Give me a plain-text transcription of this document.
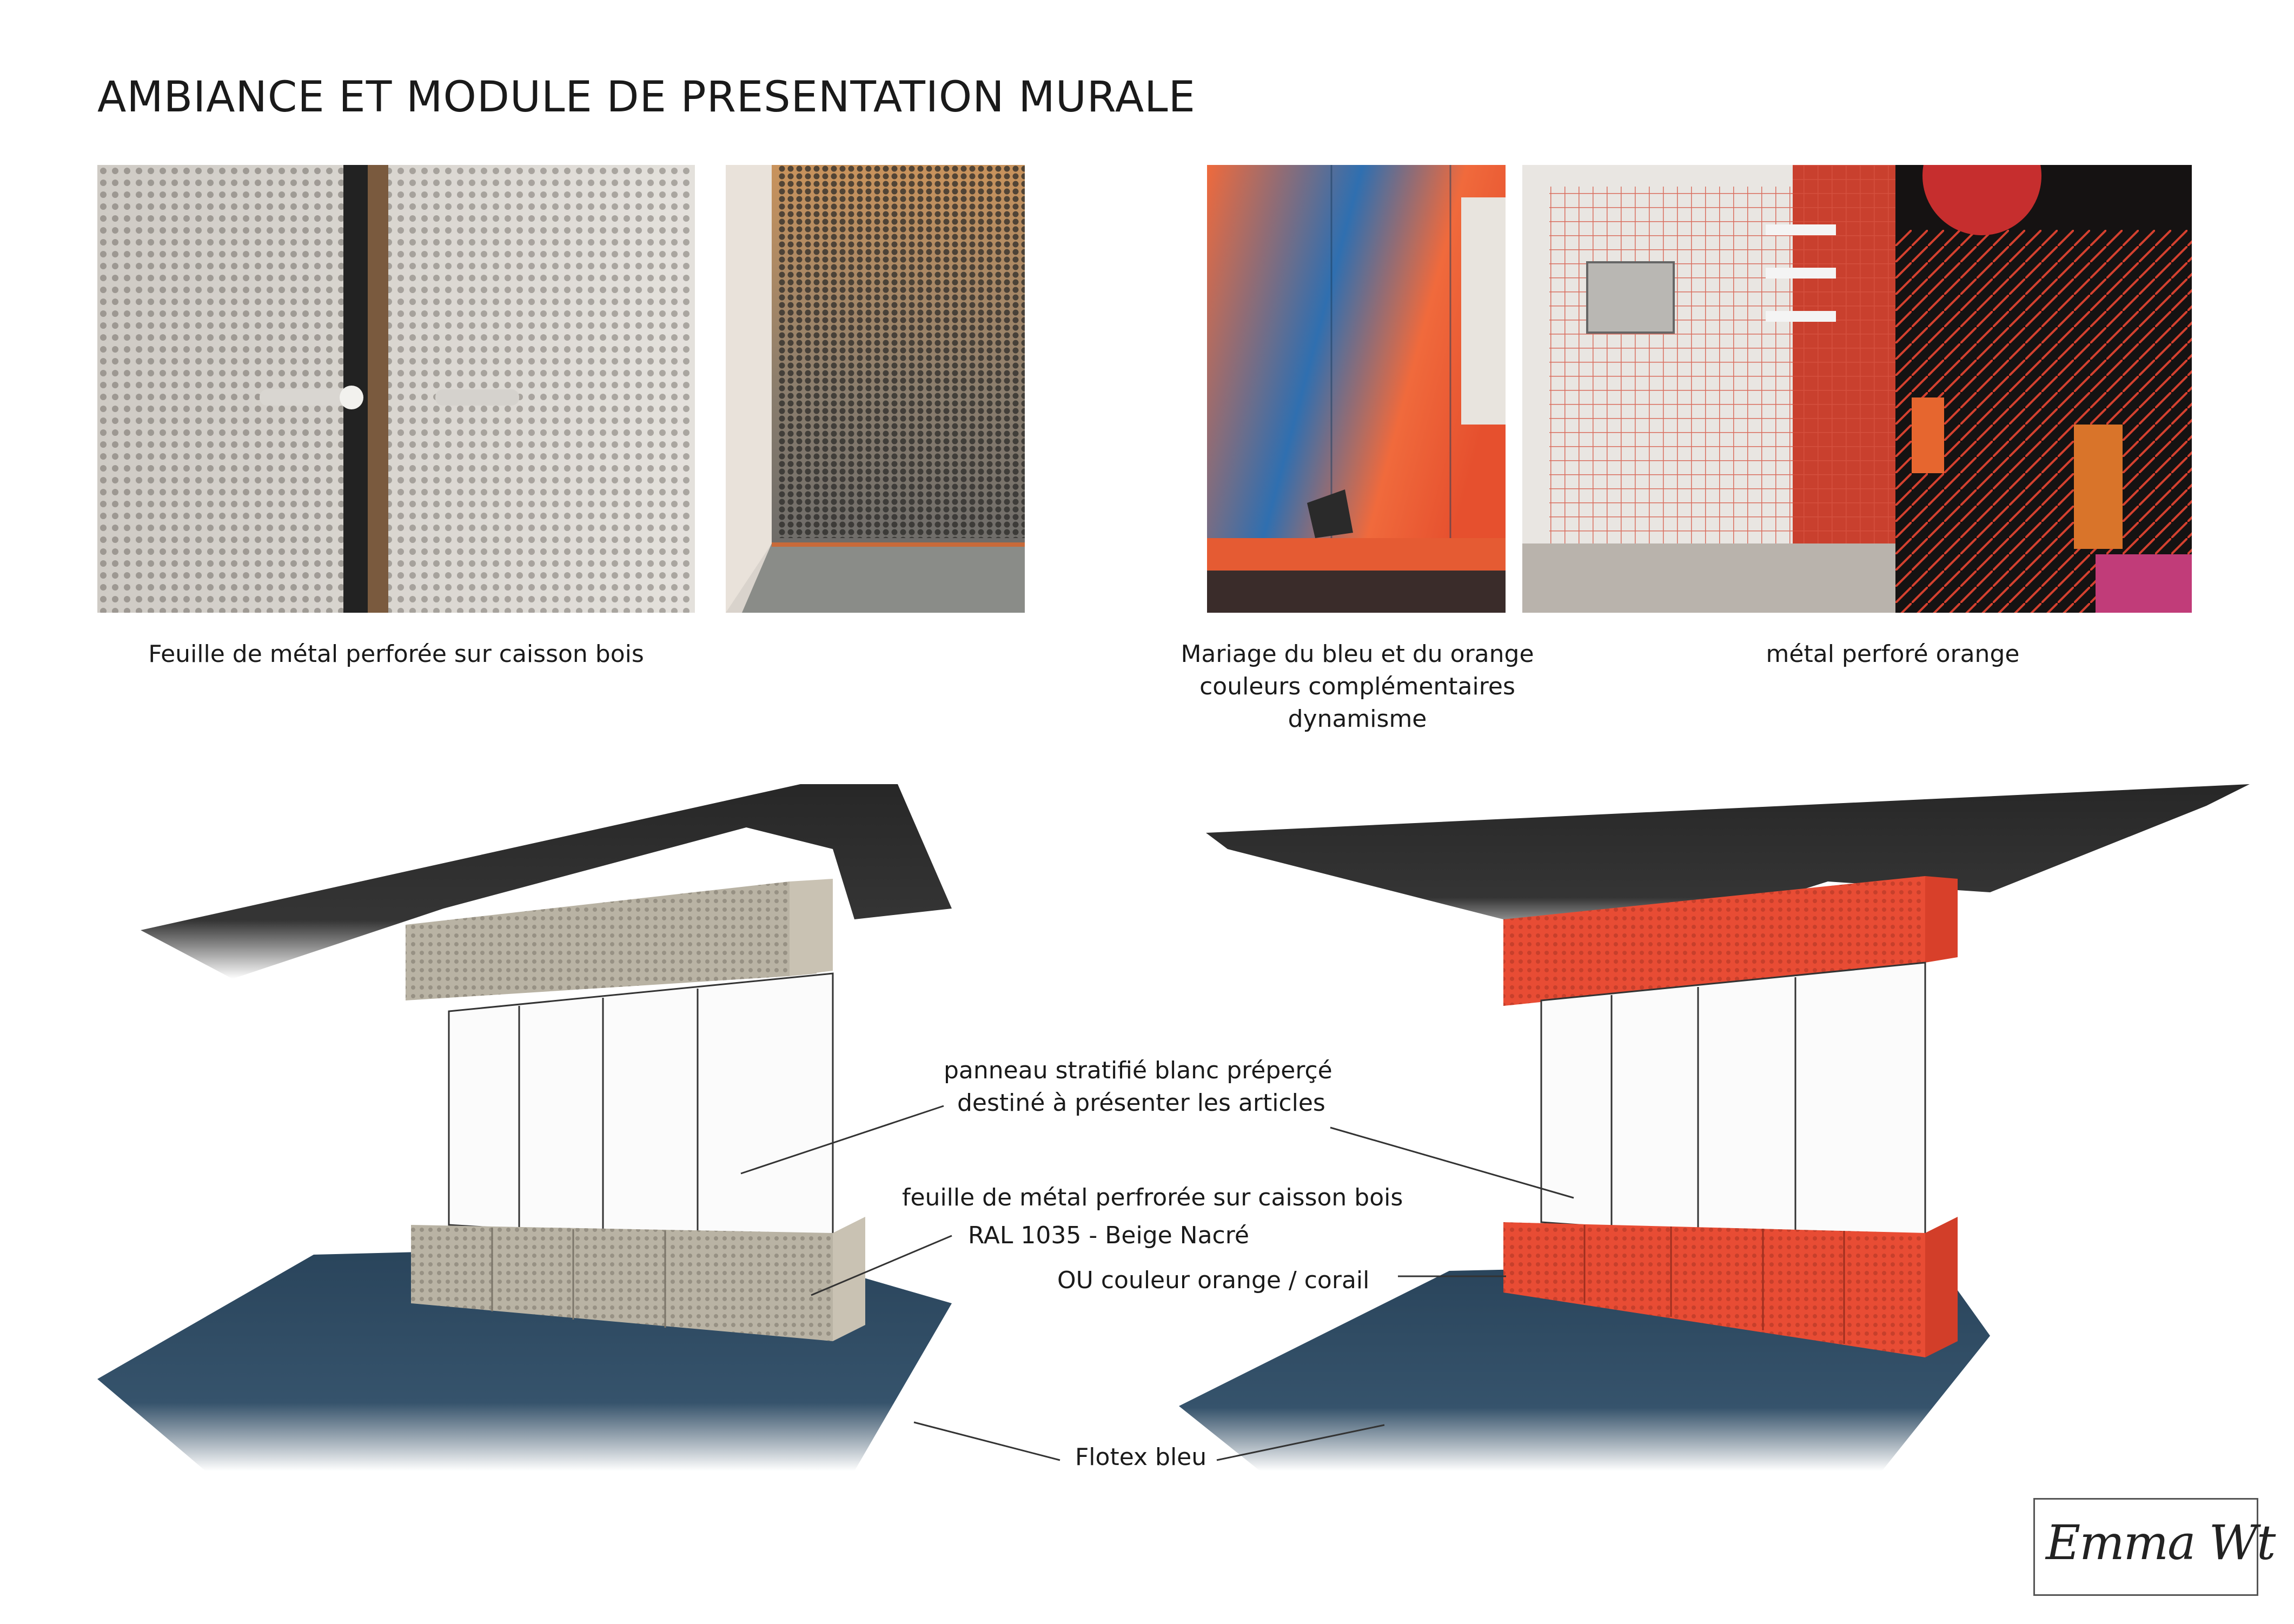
AMBIANCE ET MODULE DE PRESENTATION MURALE
Feuille de métal perforée sur caisson bois	Mariage du bleu et du orange
couleurs complémentaires
dynamisme
métal perforé orange
panneau stratifié blanc préperçé
destiné à présenter les articles
feuille de métal perfrorée sur caisson bois
RAL 1035 - Beige Nacré
OU couleur orange / corail
Flotex bleu
Emma Wt
